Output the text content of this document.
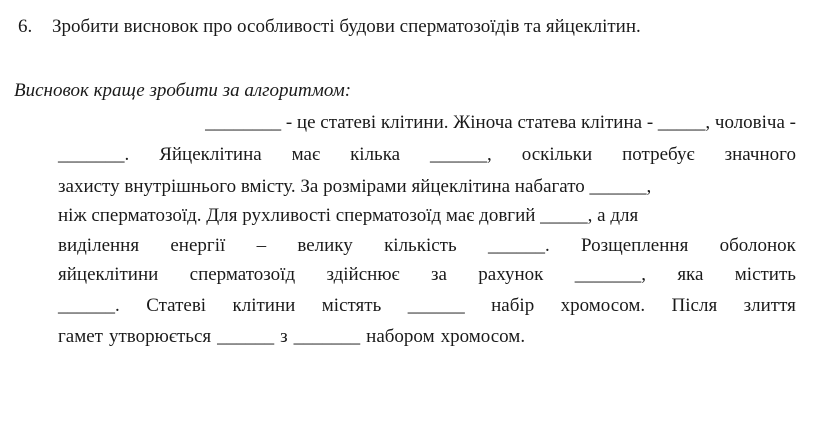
6. Зробити висновок про особливості будови сперматозоїдів та яйцеклітин.
Висновок краще зробити за алгоритмом:
________ - це статеві клітини. Жіноча статева клітина - _____, чоловіча -
_______. Яйцеклітина має кілька ______, оскільки потребує значного
захисту внутрішнього вмісту. За розмірами яйцеклітина набагато ______,
ніж сперматозоїд. Для рухливості сперматозоїд має довгий _____, а для
виділення енергії – велику кількість ______. Розщеплення оболонок
яйцеклітини сперматозоїд здійснює за рахунок _______, яка містить
______. Статеві клітини містять ______ набір хромосом. Після злиття
гамет утворюється ______ з _______ набором хромосом.
